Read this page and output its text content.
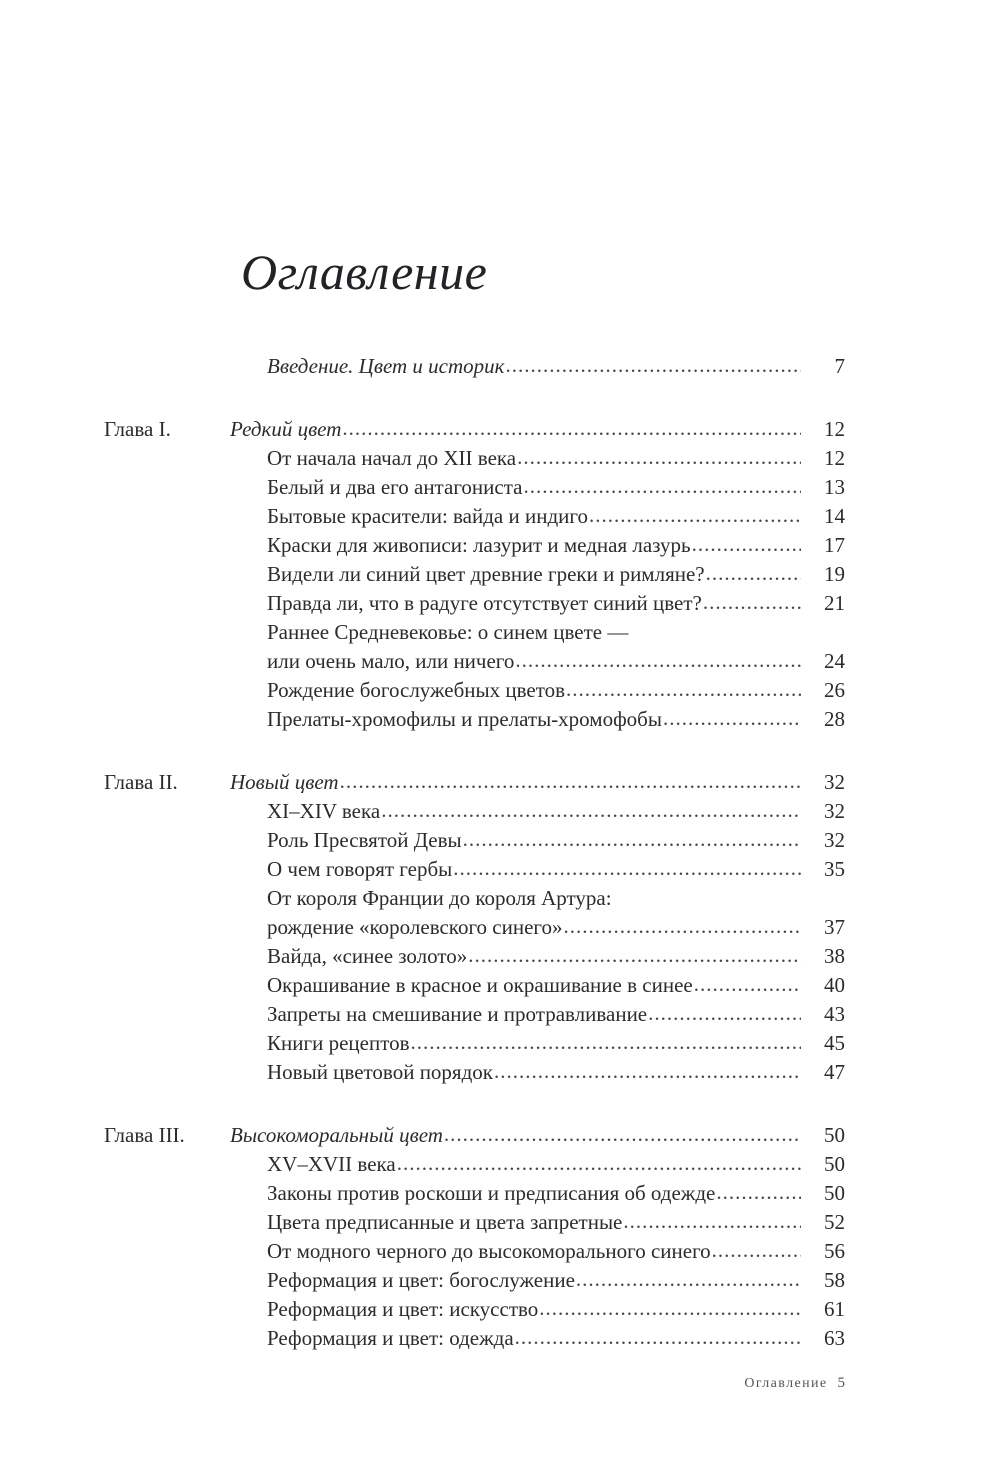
Оглавление
Введение. Цвет и историк .....	7
Глава I.	Редкий цвет .....	12
От начала начал до XII века .....	12
Белый и два его антагониста .....	13
Бытовые красители: вайда и индиго .....	14
Краски для живописи: лазурит и медная лазурь .....	17
Видели ли синий цвет древние греки и римляне? .....	19
Правда ли, что в радуге отсутствует синий цвет? .....	21
Раннее Средневековье: о синем цвете —
или очень мало, или ничего .....	24
Рождение богослужебных цветов .....	26
Прелаты-хромофилы и прелаты-хромофобы .....	28
Глава II.	Новый цвет .....	32
XI–XIV века .....	32
Роль Пресвятой Девы .....	32
О чем говорят гербы .....	35
От короля Франции до короля Артура:
рождение «королевского синего» .....	37
Вайда, «синее золото» .....	38
Окрашивание в красное и окрашивание в синее .....	40
Запреты на смешивание и протравливание .....	43
Книги рецептов .....	45
Новый цветовой порядок .....	47
Глава III.	Высокоморальный цвет .....	50
XV–XVII века .....	50
Законы против роскоши и предписания об одежде .....	50
Цвета предписанные и цвета запретные .....	52
От модного черного до высокоморального синего .....	56
Реформация и цвет: богослужение .....	58
Реформация и цвет: искусство .....	61
Реформация и цвет: одежда .....	63
Оглавление 5
